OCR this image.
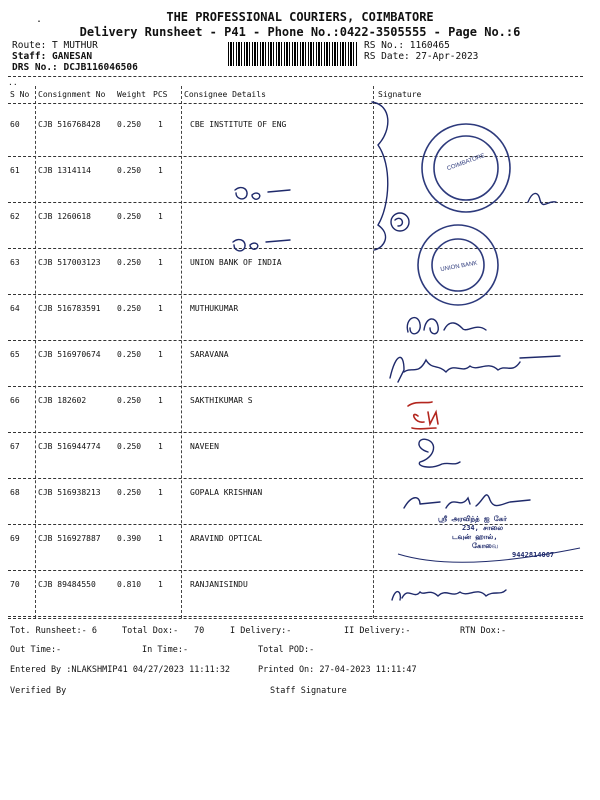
.	THE PROFESSIONAL COURIERS, COIMBATORE
Delivery Runsheet - P41 - Phone No.:0422-3505555 - Page No.:6
Route: T MUTHUR
Staff: GANESAN
DRS No.: DCJB116046506
RS No.: 1160465
RS Date: 27-Apr-2023
..
S No Consignment No Weight PCS Consignee Details	Signature
60 CJB 516768428 0.250 1	CBE INSTITUTE OF ENG
61 CJB 1314114	0.250 1
62 CJB 1260618	0.250 1
63 CJB 517003123 0.250 1	UNION BANK OF INDIA
64 CJB 516783591 0.250 1	MUTHUKUMAR
65 CJB 516970674 0.250 1	SARAVANA
66 CJB 182602	0.250 1	SAKTHIKUMAR S
67 CJB 516944774 0.250 1	NAVEEN
68 CJB 516938213 0.250 1	GOPALA KRISHNAN
69 CJB 516927887 0.390 1	ARAVIND OPTICAL
70 CJB 89484550	0.810 1	RANJANISINDU
COIMBATORE
UNION BANK
ஸ்ரீ அரவிந்த் ஐ கேர்
234, சாலை
டவுன் ஹால்,
கோவை
9442814067
Tot. Runsheet:- 6	Total Dox:- 70	I Delivery:-	II Delivery:-	RTN Dox:-
Out Time:-	In Time:-	Total POD:-
Entered By :NLAKSHMIP41 04/27/2023 11:11:32	Printed On: 27-04-2023 11:11:47
Verified By	Staff Signature
